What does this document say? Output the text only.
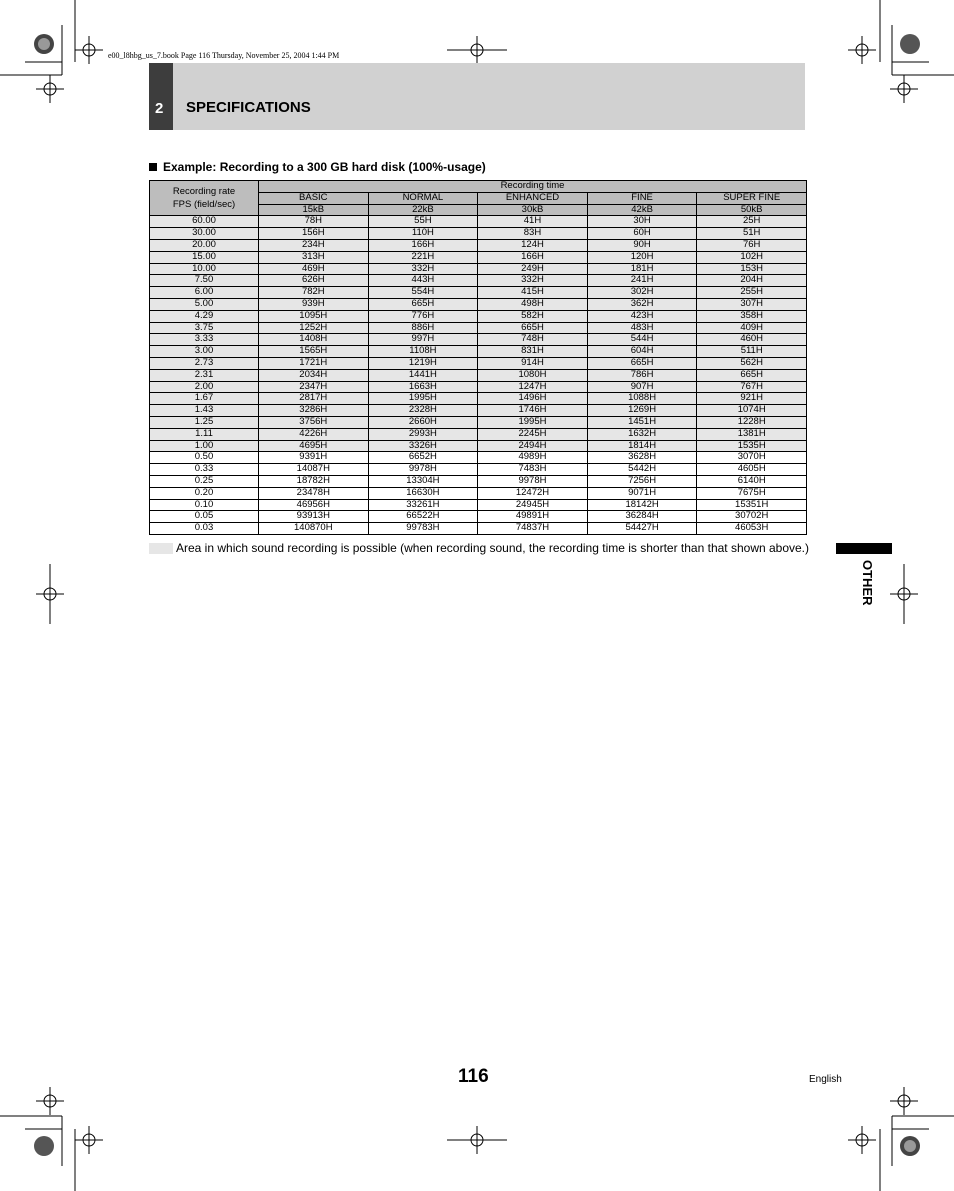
e00_l8hbg_us_7.book Page 116 Thursday, November 25, 2004 1:44 PM
2 SPECIFICATIONS
Example: Recording to a 300 GB hard disk (100%-usage)
Recording rate
FPS (field/sec)	Recording time				
	BASIC	NORMAL	ENHANCED	FINE	SUPER FINE
	15kB	22kB	30kB	42kB	50kB
60.00	78H	55H	41H	30H	25H
30.00	156H	110H	83H	60H	51H
20.00	234H	166H	124H	90H	76H
15.00	313H	221H	166H	120H	102H
10.00	469H	332H	249H	181H	153H
7.50	626H	443H	332H	241H	204H
6.00	782H	554H	415H	302H	255H
5.00	939H	665H	498H	362H	307H
4.29	1095H	776H	582H	423H	358H
3.75	1252H	886H	665H	483H	409H
3.33	1408H	997H	748H	544H	460H
3.00	1565H	1108H	831H	604H	511H
2.73	1721H	1219H	914H	665H	562H
2.31	2034H	1441H	1080H	786H	665H
2.00	2347H	1663H	1247H	907H	767H
1.67	2817H	1995H	1496H	1088H	921H
1.43	3286H	2328H	1746H	1269H	1074H
1.25	3756H	2660H	1995H	1451H	1228H
1.11	4226H	2993H	2245H	1632H	1381H
1.00	4695H	3326H	2494H	1814H	1535H
0.50	9391H	6652H	4989H	3628H	3070H
0.33	14087H	9978H	7483H	5442H	4605H
0.25	18782H	13304H	9978H	7256H	6140H
0.20	23478H	16630H	12472H	9071H	7675H
0.10	46956H	33261H	24945H	18142H	15351H
0.05	93913H	66522H	49891H	36284H	30702H
0.03	140870H	99783H	74837H	54427H	46053H
Area in which sound recording is possible (when recording sound, the recording time is shorter than that shown above.)
OTHER
116	English
